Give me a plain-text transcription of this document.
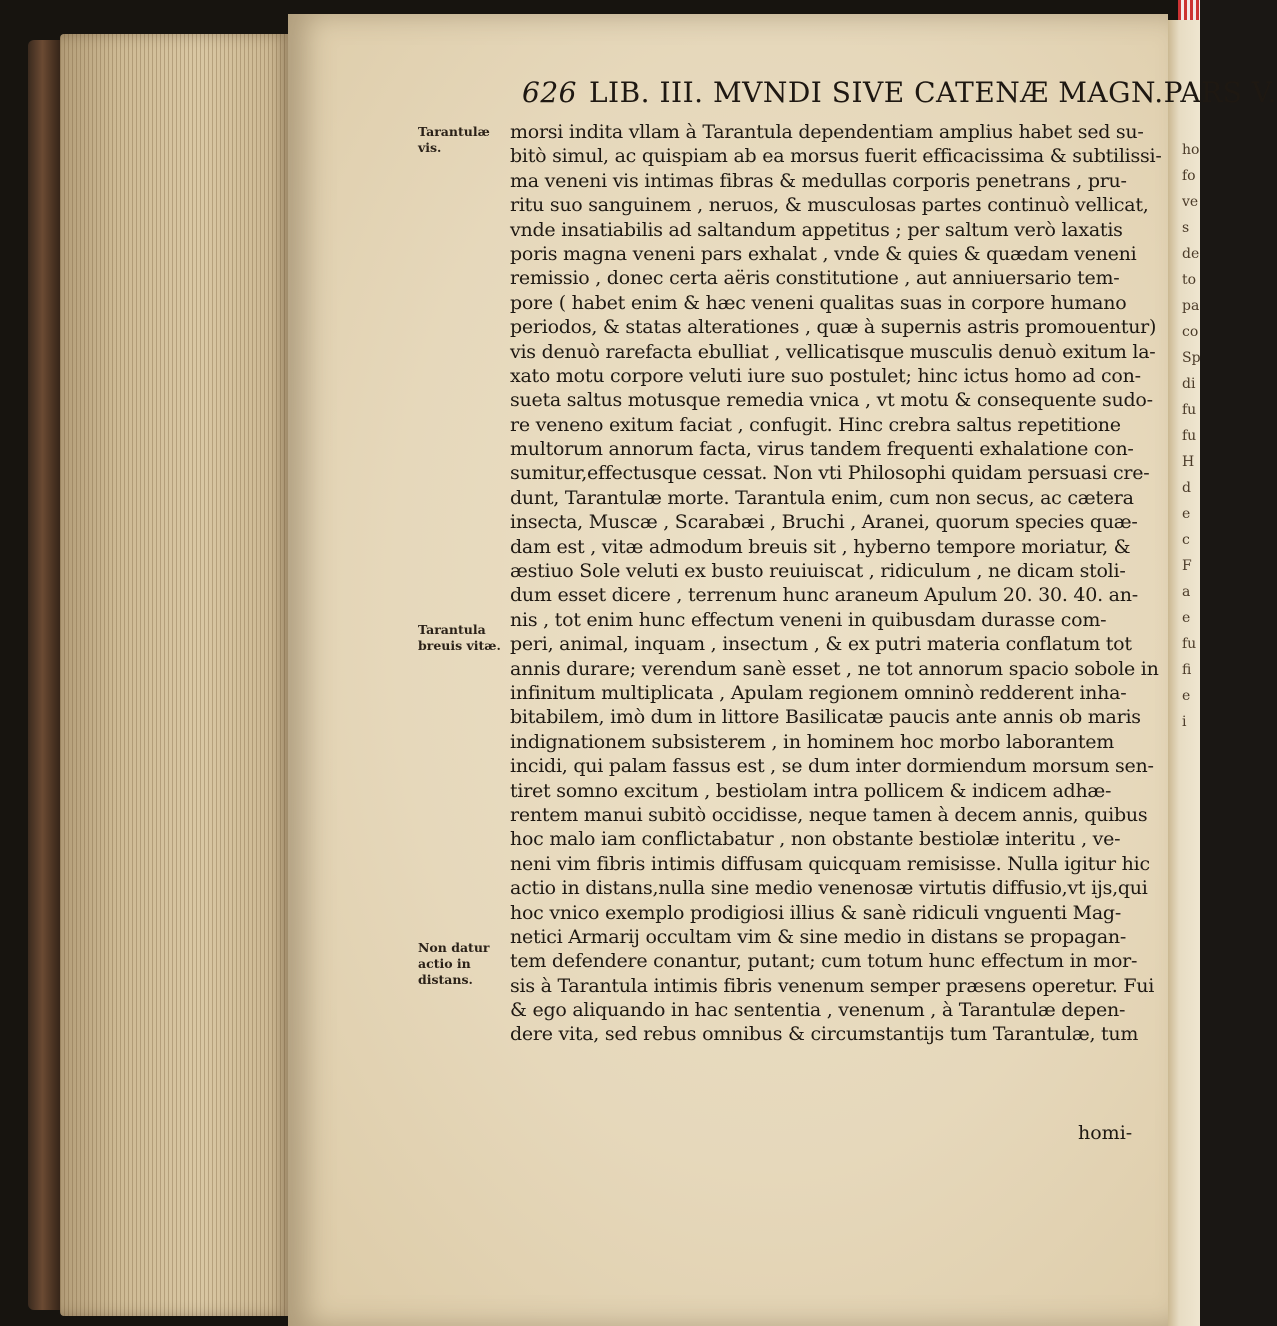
ho
fo
ve
s
de
to
pa
co
Sp
di
fu
fu
H
d
e
c
F
a
e
fu
fi
e
i
626 LIB. III. MVNDI SIVE CATENÆ MAGN.PARS V.
Tarantulæ vis.
Tarantula breuis vitæ.
Non datur actio in distans.
morsi indita vllam à Tarantula dependentiam amplius habet sed su-
bitò simul, ac quispiam ab ea morsus fuerit efficacissima & subtilissi-
ma veneni vis intimas fibras & medullas corporis penetrans , pru-
ritu suo sanguinem , neruos, & musculosas partes continuò vellicat,
vnde insatiabilis ad saltandum appetitus ; per saltum verò laxatis
poris magna veneni pars exhalat , vnde & quies & quædam veneni
remissio , donec certa aëris constitutione , aut anniuersario tem-
pore ( habet enim & hæc veneni qualitas suas in corpore humano
periodos, & statas alterationes , quæ à supernis astris promouentur)
vis denuò rarefacta ebulliat , vellicatisque musculis denuò exitum la-
xato motu corpore veluti iure suo postulet; hinc ictus homo ad con-
sueta saltus motusque remedia vnica , vt motu & consequente sudo-
re veneno exitum faciat , confugit. Hinc crebra saltus repetitione
multorum annorum facta, virus tandem frequenti exhalatione con-
sumitur,effectusque cessat. Non vti Philosophi quidam persuasi cre-
dunt, Tarantulæ morte. Tarantula enim, cum non secus, ac cætera
insecta, Muscæ , Scarabæi , Bruchi , Aranei, quorum species quæ-
dam est , vitæ admodum breuis sit , hyberno tempore moriatur, &
æstiuo Sole veluti ex busto reuiuiscat , ridiculum , ne dicam stoli-
dum esset dicere , terrenum hunc araneum Apulum 20. 30. 40. an-
nis , tot enim hunc effectum veneni in quibusdam durasse com-
peri, animal, inquam , insectum , & ex putri materia conflatum tot
annis durare; verendum sanè esset , ne tot annorum spacio sobole in
infinitum multiplicata , Apulam regionem omninò redderent inha-
bitabilem, imò dum in littore Basilicatæ paucis ante annis ob maris
indignationem subsisterem , in hominem hoc morbo laborantem
incidi, qui palam fassus est , se dum inter dormiendum morsum sen-
tiret somno excitum , bestiolam intra pollicem & indicem adhæ-
rentem manui subitò occidisse, neque tamen à decem annis, quibus
hoc malo iam conflictabatur , non obstante bestiolæ interitu , ve-
neni vim fibris intimis diffusam quicquam remisisse. Nulla igitur hic
actio in distans,nulla sine medio venenosæ virtutis diffusio,vt ijs,qui
hoc vnico exemplo prodigiosi illius & sanè ridiculi vnguenti Mag-
netici Armarij occultam vim & sine medio in distans se propagan-
tem defendere conantur, putant; cum totum hunc effectum in mor-
sis à Tarantula intimis fibris venenum semper præsens operetur. Fui
& ego aliquando in hac sententia , venenum , à Tarantulæ depen-
dere vita, sed rebus omnibus & circumstantijs tum Tarantulæ, tum
homi-
